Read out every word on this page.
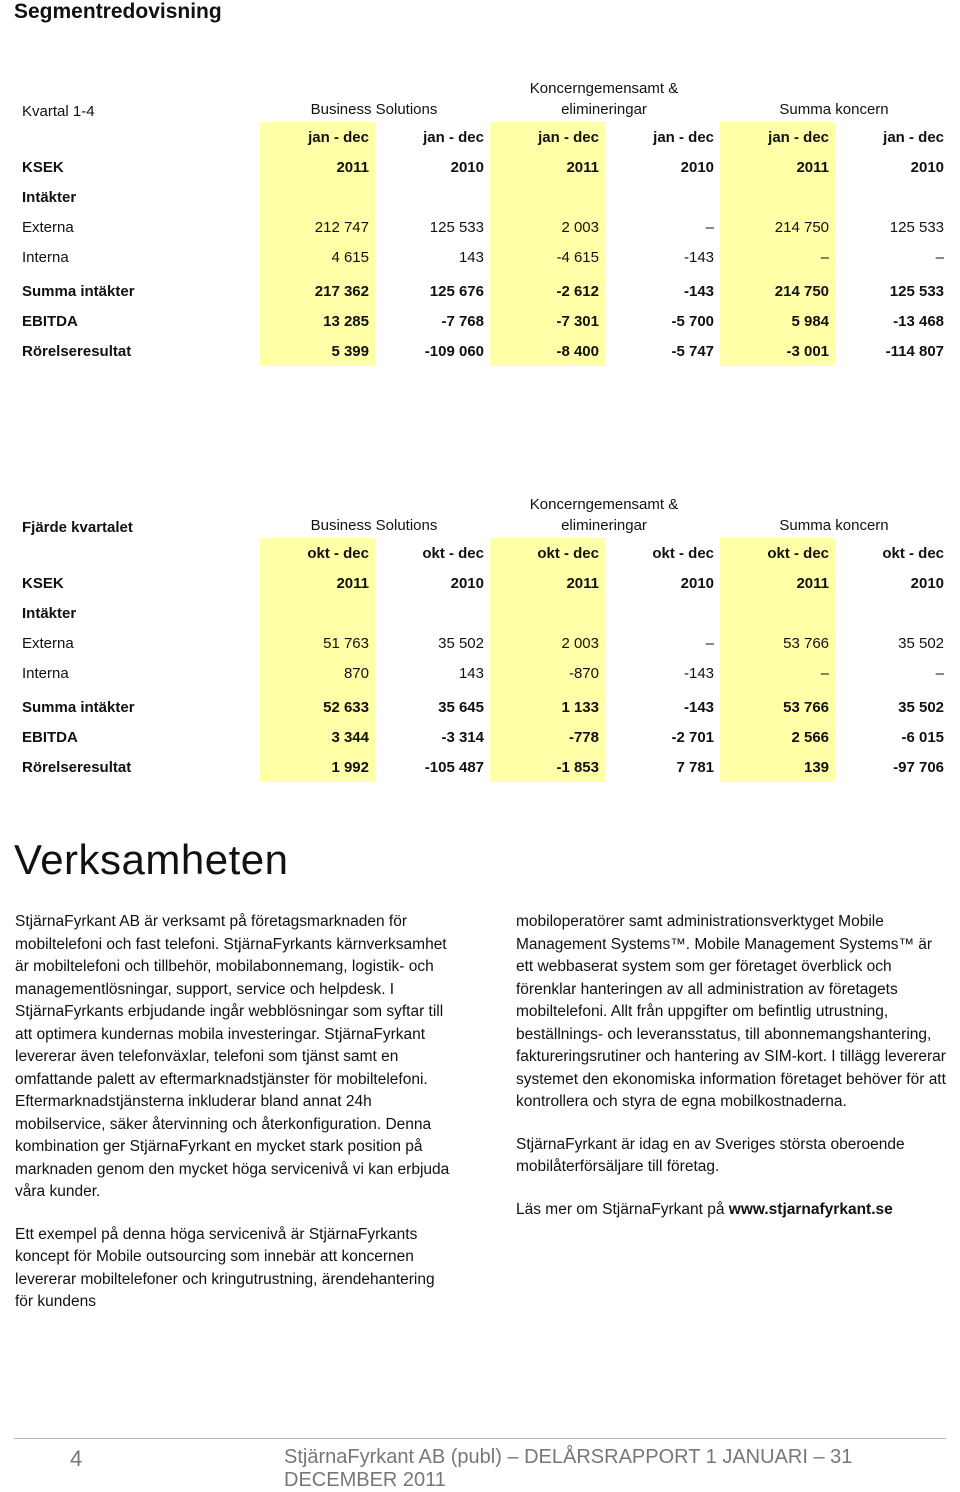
Segmentredovisning
Kvartal 1-4	Business Solutions		Koncerngemensamt &
elimineringar		Summa koncern	
	jan - dec	jan - dec	jan - dec	jan - dec	jan - dec	jan - dec
KSEK	2011	2010	2011	2010	2011	2010
Intäkter						
Externa	212 747	125 533	2 003	–	214 750	125 533
Interna	4 615	143	-4 615	-143	–	–
Summa intäkter	217 362	125 676	-2 612	-143	214 750	125 533
EBITDA	13 285	-7 768	-7 301	-5 700	5 984	-13 468
Rörelseresultat	5 399	-109 060	-8 400	-5 747	-3 001	-114 807
Fjärde kvartalet	Business Solutions		Koncerngemensamt &
elimineringar		Summa koncern	
	okt - dec	okt - dec	okt - dec	okt - dec	okt - dec	okt - dec
KSEK	2011	2010	2011	2010	2011	2010
Intäkter						
Externa	51 763	35 502	2 003	–	53 766	35 502
Interna	870	143	-870	-143	–	–
Summa intäkter	52 633	35 645	1 133	-143	53 766	35 502
EBITDA	3 344	-3 314	-778	-2 701	2 566	-6 015
Rörelseresultat	1 992	-105 487	-1 853	7 781	139	-97 706
Verksamheten

StjärnaFyrkant AB är verksamt på företagsmarknaden för mobiltelefoni och fast telefoni. StjärnaFyrkants kärnverksamhet är mobiltelefoni och tillbehör, mobilabonnemang, logistik- och managementlösningar, support, service och helpdesk. I StjärnaFyrkants erbjudande ingår webblösningar som syftar till att optimera kundernas mobila investeringar. StjärnaFyrkant levererar även telefonväxlar, telefoni som tjänst samt en omfattande palett av eftermarknadstjänster för mobiltelefoni. Eftermarknadstjänsterna inkluderar bland annat 24h mobilservice, säker återvinning och återkonfiguration. Denna kombination ger StjärnaFyrkant en mycket stark position på marknaden genom den mycket höga servicenivå vi kan erbjuda våra kunder.

Ett exempel på denna höga servicenivå är StjärnaFyrkants koncept för Mobile outsourcing som innebär att koncernen levererar mobiltelefoner och kringutrustning, ärendehantering för kundens

mobiloperatörer samt administrationsverktyget Mobile Management Systems™. Mobile Management Systems™ är ett webbaserat system som ger företaget överblick och förenklar hanteringen av all administration av företagets mobiltelefoni. Allt från uppgifter om befintlig utrustning, beställnings- och leveransstatus, till abonnemangshantering, faktureringsrutiner och hantering av SIM-kort. I tillägg levererar systemet den ekonomiska information företaget behöver för att kontrollera och styra de egna mobilkostnaderna.

StjärnaFyrkant är idag en av Sveriges största oberoende mobilåterförsäljare till företag.

Läs mer om StjärnaFyrkant på www.stjarnafyrkant.se

4	StjärnaFyrkant AB (publ) – DELÅRSRAPPORT 1 JANUARI – 31 DECEMBER 2011
